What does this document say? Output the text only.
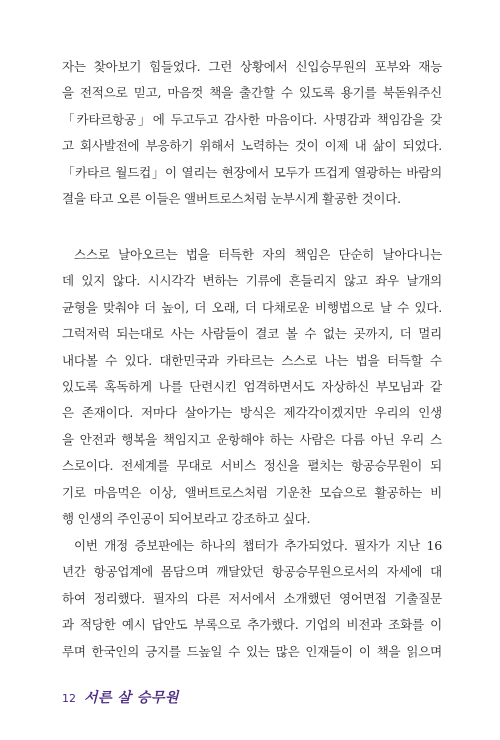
자는 찾아보기 힘들었다. 그런 상황에서 신입승무원의 포부와 재능
을 전적으로 믿고, 마음껏 책을 출간할 수 있도록 용기를 북돋워주신
「카타르항공」에 두고두고 감사한 마음이다. 사명감과 책임감을 갖
고 회사발전에 부응하기 위해서 노력하는 것이 이제 내 삶이 되었다.
「카타르 월드컵」이 열리는 현장에서 모두가 뜨겁게 열광하는 바람의
결을 타고 오른 이들은 앨버트로스처럼 눈부시게 활공한 것이다.
스스로 날아오르는 법을 터득한 자의 책임은 단순히 날아다니는
데 있지 않다. 시시각각 변하는 기류에 흔들리지 않고 좌우 날개의
균형을 맞춰야 더 높이, 더 오래, 더 다채로운 비행법으로 날 수 있다.
그럭저럭 되는대로 사는 사람들이 결코 볼 수 없는 곳까지, 더 멀리
내다볼 수 있다. 대한민국과 카타르는 스스로 나는 법을 터득할 수
있도록 혹독하게 나를 단련시킨 엄격하면서도 자상하신 부모님과 같
은 존재이다. 저마다 살아가는 방식은 제각각이겠지만 우리의 인생
을 안전과 행복을 책임지고 운항해야 하는 사람은 다름 아닌 우리 스
스로이다. 전세계를 무대로 서비스 정신을 펼치는 항공승무원이 되
기로 마음먹은 이상, 앨버트로스처럼 기운찬 모습으로 활공하는 비
행 인생의 주인공이 되어보라고 강조하고 싶다.
이번 개정 증보판에는 하나의 챕터가 추가되었다. 필자가 지난 16
년간 항공업계에 몸담으며 깨달았던 항공승무원으로서의 자세에 대
하여 정리했다. 필자의 다른 저서에서 소개했던 영어면접 기출질문
과 적당한 예시 답안도 부록으로 추가했다. 기업의 비전과 조화를 이
루며 한국인의 긍지를 드높일 수 있는 많은 인재들이 이 책을 읽으며
12 서른 살 승무원
